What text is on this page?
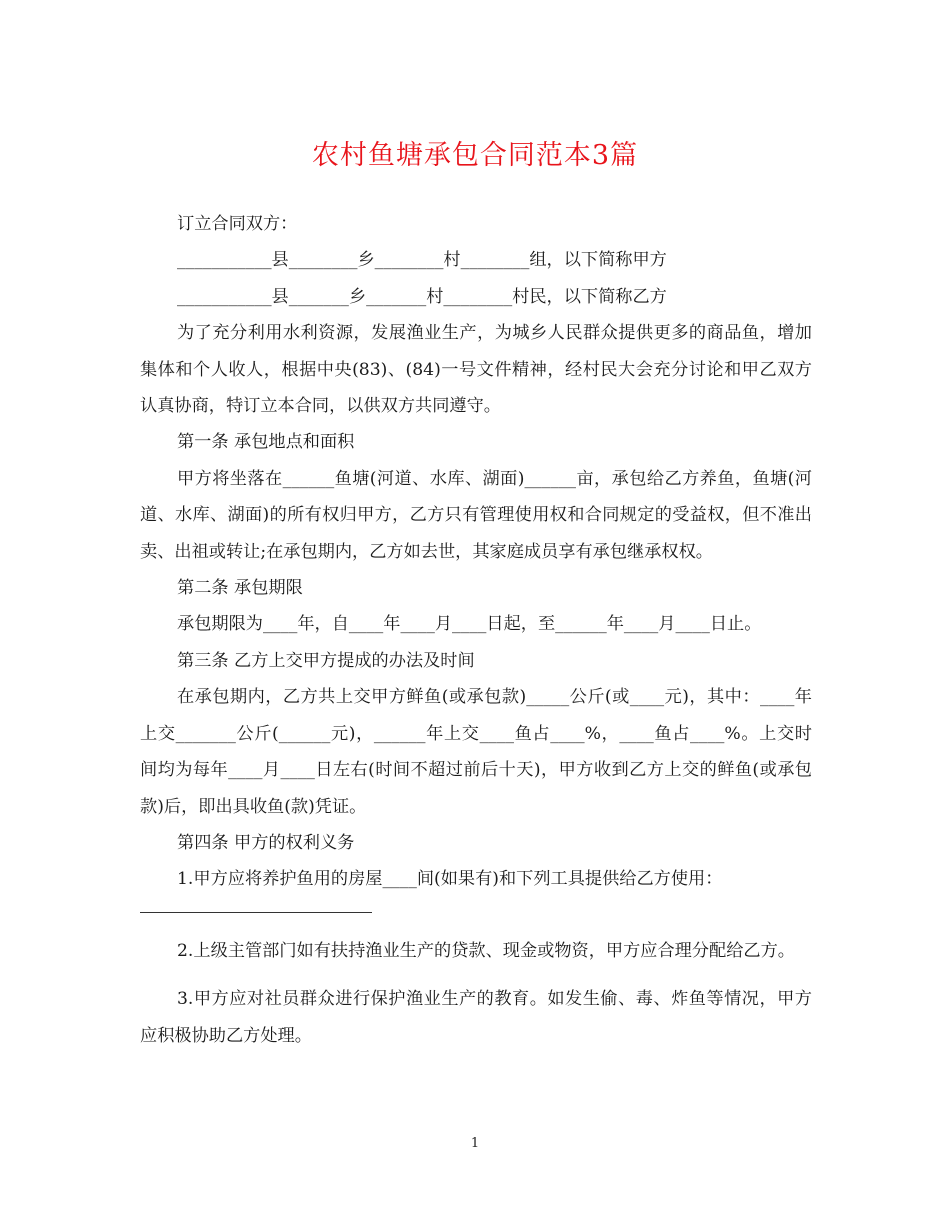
农村鱼塘承包合同范本3篇

订立合同双方：

___________县________乡________村________组，以下简称甲方

___________县_______乡_______村________村民，以下简称乙方

为了充分利用水利资源，发展渔业生产，为城乡人民群众提供更多的商品鱼，增加集体和个人收人，根据中央(83)、(84)一号文件精神，经村民大会充分讨论和甲乙双方认真协商，特订立本合同，以供双方共同遵守。

第一条 承包地点和面积

甲方将坐落在______鱼塘(河道、水库、湖面)______亩，承包给乙方养鱼，鱼塘(河道、水库、湖面)的所有权归甲方，乙方只有管理使用权和合同规定的受益权，但不准出卖、出祖或转让;在承包期内，乙方如去世，其家庭成员享有承包继承权权。

第二条 承包期限

承包期限为____年，自____年____月____日起，至______年____月____日止。

第三条 乙方上交甲方提成的办法及时间

在承包期内，乙方共上交甲方鲜鱼(或承包款)_____公斤(或____元)，其中：____年上交_______公斤(______元)，______年上交____鱼占____%，____鱼占____%。上交时间均为每年____月____日左右(时间不超过前后十天)，甲方收到乙方上交的鲜鱼(或承包款)后，即出具收鱼(款)凭证。

第四条 甲方的权利义务

1.甲方应将养护鱼用的房屋____间(如果有)和下列工具提供给乙方使用：

2.上级主管部门如有扶持渔业生产的贷款、现金或物资，甲方应合理分配给乙方。

3.甲方应对社员群众进行保护渔业生产的教育。如发生偷、毒、炸鱼等情况，甲方应积极协助乙方处理。

1
